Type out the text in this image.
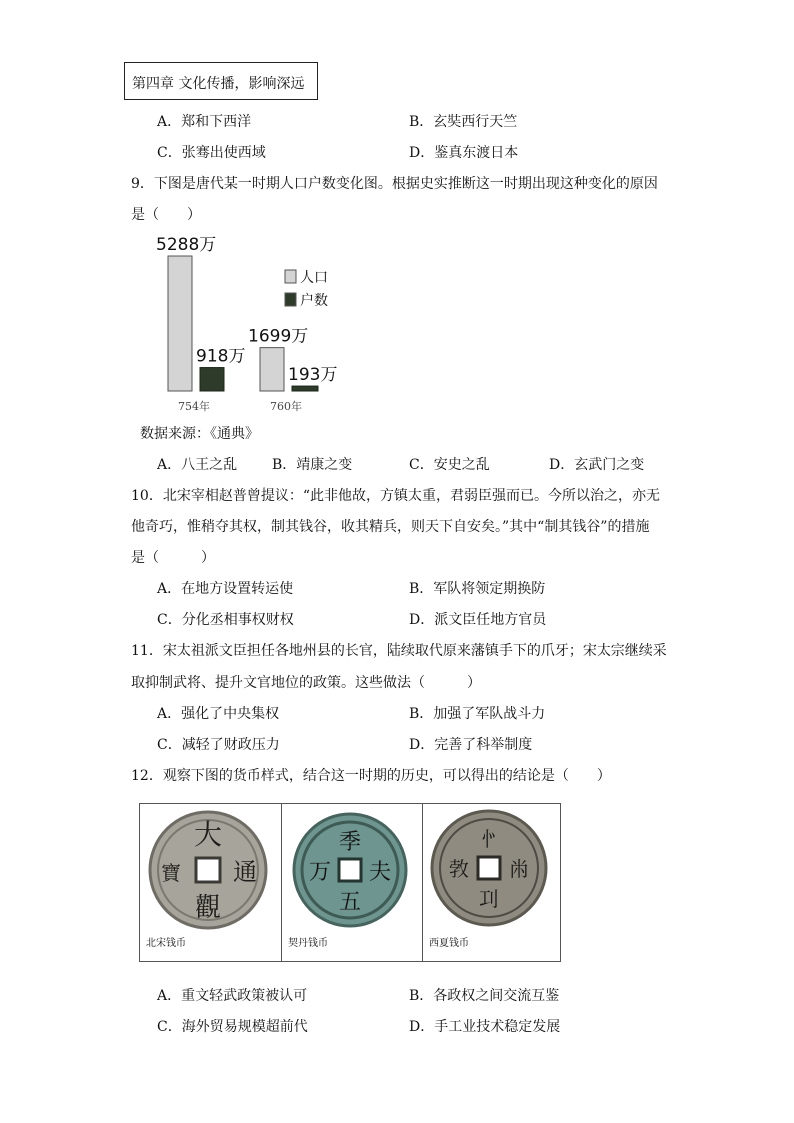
第四章 文化传播，影响深远
A．郑和下西洋	B．玄奘西行天竺
C．张骞出使西域	D．鉴真东渡日本
9．下图是唐代某一时期人口户数变化图。根据史实推断这一时期出现这种变化的原因
是（　　）
5288万
1699万
918万
193万
754年	760年
人口
户数
数据来源：《通典》
A．八王之乱 B．靖康之变	C．安史之乱	D．玄武门之变
10．北宋宰相赵普曾提议：“此非他故，方镇太重，君弱臣强而已。今所以治之，亦无
他奇巧，惟稍夺其权，制其钱谷，收其精兵，则天下自安矣。”其中“制其钱谷”的措施
是（　　　）
A．在地方设置转运使	B．军队将领定期换防
C．分化丞相事权财权	D．派文臣任地方官员
11．宋太祖派文臣担任各地州县的长官，陆续取代原来藩镇手下的爪牙；宋太宗继续采
取抑制武将、提升文官地位的政策。这些做法（　　　）
A．强化了中央集权	B．加强了军队战斗力
C．减轻了财政压力	D．完善了科举制度
12．观察下图的货币样式，结合这一时期的历史，可以得出的结论是（　　）
大
通
觀
寶
北宋钱币
季
夫
五
万
契丹钱币
㣺
㡀
㓚
㪍
西夏钱币
A．重文轻武政策被认可	B．各政权之间交流互鉴
C．海外贸易规模超前代	D．手工业技术稳定发展
